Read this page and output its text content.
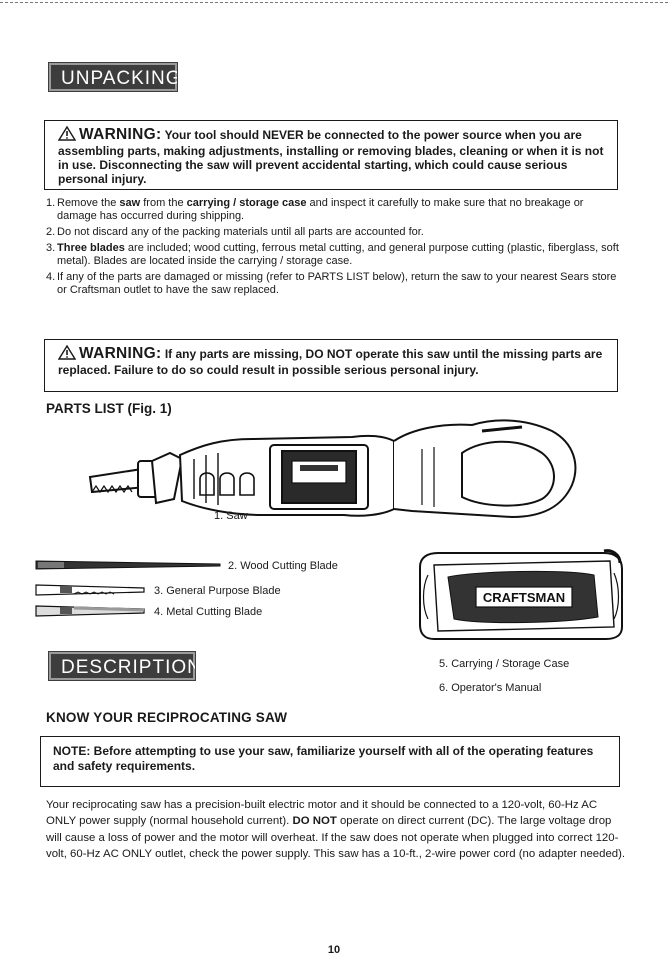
UNPACKING
WARNING: Your tool should NEVER be connected to the power source when you are assembling parts, making adjustments, installing or removing blades, cleaning or when it is not in use. Disconnecting the saw will prevent accidental starting, which could cause serious personal injury.
1. Remove the saw from the carrying / storage case and inspect it carefully to make sure that no breakage or damage has occurred during shipping.
2. Do not discard any of the packing materials until all parts are accounted for.
3. Three blades are included; wood cutting, ferrous metal cutting, and general purpose cutting (plastic, fiberglass, soft metal). Blades are located inside the carrying / storage case.
4. If any of the parts are damaged or missing (refer to PARTS LIST below), return the saw to your nearest Sears store or Craftsman outlet to have the saw replaced.
WARNING: If any parts are missing, DO NOT operate this saw until the missing parts are replaced. Failure to do so could result in possible serious personal injury.
PARTS LIST (Fig. 1)
1. Saw
2. Wood Cutting Blade
3. General Purpose Blade
4. Metal Cutting Blade
CRAFTSMAN
5. Carrying / Storage Case
6. Operator's Manual
DESCRIPTION
KNOW YOUR RECIPROCATING SAW
NOTE: Before attempting to use your saw, familiarize yourself with all of the operating features and safety requirements.

Your reciprocating saw has a precision-built electric motor and it should be connected to a 120-volt, 60-Hz AC ONLY power supply (normal household current). DO NOT operate on direct current (DC). The large voltage drop will cause a loss of power and the motor will overheat. If the saw does not operate when plugged into correct 120-volt, 60-Hz AC ONLY outlet, check the power supply. This saw has a 10-ft., 2-wire power cord (no adapter needed).

10
